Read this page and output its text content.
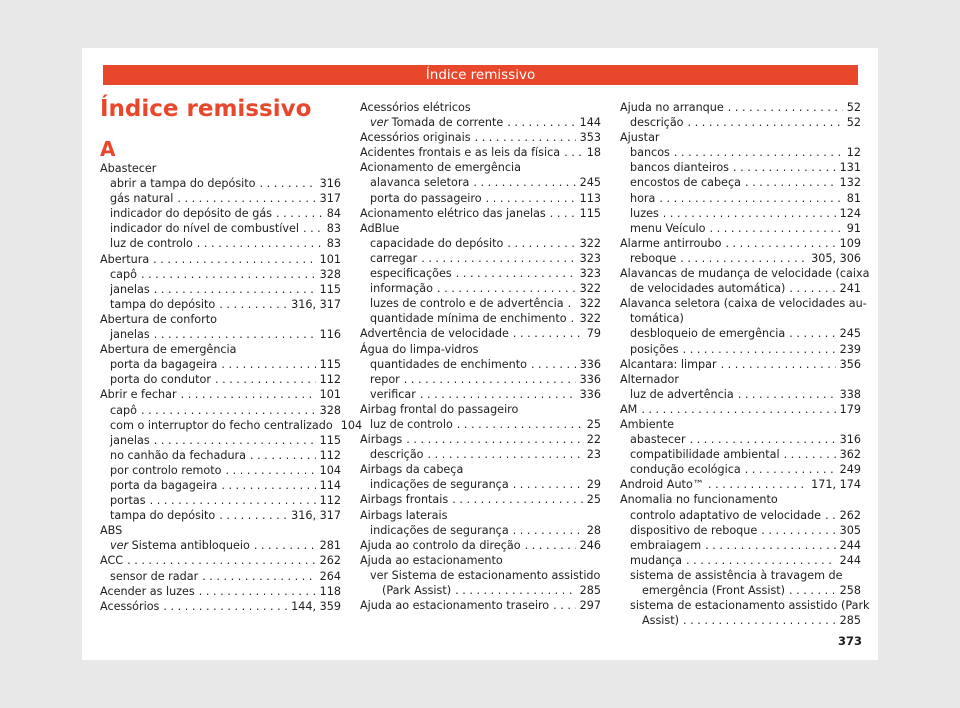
Índice remissivo
Índice remissivo
A
Abastecer
abrir a tampa do depósito . . .	316
gás natural . . .	317
indicador do depósito de gás . . .	84
indicador do nível de combustível . . . 83
luz de controlo . . .	83
Abertura . . .	101
capô . . .	328
janelas . . .	115
tampa do depósito . . .	316, 317
Abertura de conforto
janelas . . .	116
Abertura de emergência
porta da bagageira . . .	115
porta do condutor . . .	112
Abrir e fechar . . .	101
capô . . .	328
com o interruptor do fecho centralizado 104
janelas . . .	115
no canhão da fechadura . . .	112
por controlo remoto . . .	104
porta da bagageira . . .	114
portas . . .	112
tampa do depósito . . .	316, 317
ABS
ver Sistema antibloqueio . . .	281
ACC . . .	262
sensor de radar . . .	264
Acender as luzes . . .	118
Acessórios . . .	144, 359
Acessórios elétricos
ver Tomada de corrente . . .	144
Acessórios originais . . .	353
Acidentes frontais e as leis da física . . . 18
Acionamento de emergência
alavanca seletora . . .	245
porta do passageiro . . .	113
Acionamento elétrico das janelas . . .	115
AdBlue
capacidade do depósito . . .	322
carregar . . .	323
especificações . . .	323
informação . . .	322
luzes de controlo e de advertência . . . 322
quantidade mínima de enchimento . . . 322
Advertência de velocidade . . .	79
Água do limpa-vidros
quantidades de enchimento . . .	336
repor . . .	336
verificar . . .	336
Airbag frontal do passageiro
luz de controlo . . .	25
Airbags . . .	22
descrição . . .	23
Airbags da cabeça
indicações de segurança . . .	29
Airbags frontais . . .	25
Airbags laterais
indicações de segurança . . .	28
Ajuda ao controlo da direção . . .	246
Ajuda ao estacionamento
ver Sistema de estacionamento assistido
(Park Assist) . . .	285
Ajuda ao estacionamento traseiro . . .	297
Ajuda no arranque . . .	52
descrição . . .	52
Ajustar
bancos . . .	12
bancos dianteiros . . .	131
encostos de cabeça . . .	132
hora . . .	81
luzes . . .	124
menu Veículo . . .	91
Alarme antirroubo . . .	109
reboque . . .	305, 306
Alavancas de mudança de velocidade (caixa
de velocidades automática) . . .	241
Alavanca seletora (caixa de velocidades au-
tomática)
desbloqueio de emergência . . .	245
posições . . .	239
Alcantara: limpar . . .	356
Alternador
luz de advertência . . .	338
AM . . .	179
Ambiente
abastecer . . .	316
compatibilidade ambiental . . .	362
condução ecológica . . .	249
Android Auto™ . . .	171, 174
Anomalia no funcionamento
controlo adaptativo de velocidade . . . 262
dispositivo de reboque . . .	305
embraiagem . . .	244
mudança . . .	244
sistema de assistência à travagem de
emergência (Front Assist) . . .	258
sistema de estacionamento assistido (Park
Assist) . . .	285
373
